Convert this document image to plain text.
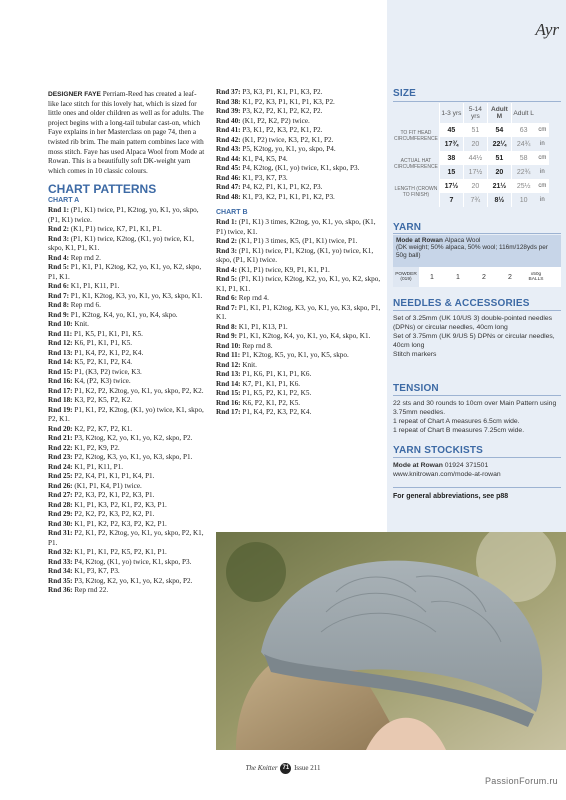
Ayr
SIZE
	1-3 yrs	5-14 yrs	Adult M	Adult L	
TO FIT HEAD CIRCUMFERENCE	45	51	54	63	cm
	17¾	20	22¼	24¾	in
ACTUAL HAT CIRCUMFERENCE	38	44½	51	58	cm
	15	17½	20	22¾	in
LENGTH (CROWN TO FINISH)	17½	20	21½	25½	cm
	7	7¾	8½	10	in
YARN
Mode at Rowan Alpaca Wool
(DK weight; 50% alpaca, 50% wool; 116m/128yds per 50g ball)
POWDER (019)	1	1	2	2	x50g BALLS
NEEDLES & ACCESSORIES

Set of 3.25mm (UK 10/US 3) double-pointed needles (DPNs) or circular needles, 40cm long

Set of 3.75mm (UK 9/US 5) DPNs or circular needles, 40cm long

Stitch markers

TENSION

22 sts and 30 rounds to 10cm over Main Pattern using 3.75mm needles.

1 repeat of Chart A measures 6.5cm wide.

1 repeat of Chart B measures 7.25cm wide.

YARN STOCKISTS

Mode at Rowan 01924 371501

www.knitrowan.com/mode-at-rowan

For general abbreviations, see p88

DESIGNER FAYE Perriam-Reed has created a leaf-like lace stitch for this lovely hat, which is sized for little ones and older children as well as for adults. The project begins with a long-tail tubular cast-on, which Faye explains in her Masterclass on page 74, then a twisted rib brim. The main pattern combines lace with moss stitch. Faye has used Alpaca Wool from Mode at Rowan. This is a beautifully soft DK-weight yarn which comes in 10 classic colours.

CHART PATTERNS
CHART A
Rnd 1: (P1, K1) twice, P1, K2tog, yo, K1, yo, skpo, (P1, K1) twice.
Rnd 2: (K1, P1) twice, K7, P1, K1, P1.
Rnd 3: (P1, K1) twice, K2tog, (K1, yo) twice, K1, skpo, K1, P1, K1.
Rnd 4: Rep rnd 2.
Rnd 5: P1, K1, P1, K2tog, K2, yo, K1, yo, K2, skpo, P1, K1.
Rnd 6: K1, P1, K11, P1.
Rnd 7: P1, K1, K2tog, K3, yo, K1, yo, K3, skpo, K1.
Rnd 8: Rep rnd 6.
Rnd 9: P1, K2tog, K4, yo, K1, yo, K4, skpo.
Rnd 10: Knit.
Rnd 11: P1, K5, P1, K1, P1, K5.
Rnd 12: K6, P1, K1, P1, K5.
Rnd 13: P1, K4, P2, K1, P2, K4.
Rnd 14: K5, P2, K1, P2, K4.
Rnd 15: P1, (K3, P2) twice, K3.
Rnd 16: K4, (P2, K3) twice.
Rnd 17: P1, K2, P2, K2tog, yo, K1, yo, skpo, P2, K2.
Rnd 18: K3, P2, K5, P2, K2.
Rnd 19: P1, K1, P2, K2tog, (K1, yo) twice, K1, skpo, P2, K1.
Rnd 20: K2, P2, K7, P2, K1.
Rnd 21: P3, K2tog, K2, yo, K1, yo, K2, skpo, P2.
Rnd 22: K1, P2, K9, P2.
Rnd 23: P2, K2tog, K3, yo, K1, yo, K3, skpo, P1.
Rnd 24: K1, P1, K11, P1.
Rnd 25: P2, K4, P1, K1, P1, K4, P1.
Rnd 26: (K1, P1, K4, P1) twice.
Rnd 27: P2, K3, P2, K1, P2, K3, P1.
Rnd 28: K1, P1, K3, P2, K1, P2, K3, P1.
Rnd 29: P2, K2, P2, K3, P2, K2, P1.
Rnd 30: K1, P1, K2, P2, K3, P2, K2, P1.
Rnd 31: P2, K1, P2, K2tog, yo, K1, yo, skpo, P2, K1, P1.
Rnd 32: K1, P1, K1, P2, K5, P2, K1, P1.
Rnd 33: P4, K2tog, (K1, yo) twice, K1, skpo, P3.
Rnd 34: K1, P3, K7, P3.
Rnd 35: P3, K2tog, K2, yo, K1, yo, K2, skpo, P2.
Rnd 36: Rep rnd 22.
Rnd 37: P3, K3, P1, K1, P1, K3, P2.
Rnd 38: K1, P2, K3, P1, K1, P1, K3, P2.
Rnd 39: P3, K2, P2, K1, P2, K2, P2.
Rnd 40: (K1, P2, K2, P2) twice.
Rnd 41: P3, K1, P2, K3, P2, K1, P2.
Rnd 42: (K1, P2) twice, K3, P2, K1, P2.
Rnd 43: P5, K2tog, yo, K1, yo, skpo, P4.
Rnd 44: K1, P4, K5, P4.
Rnd 45: P4, K2tog, (K1, yo) twice, K1, skpo, P3.
Rnd 46: K1, P3, K7, P3.
Rnd 47: P4, K2, P1, K1, P1, K2, P3.
Rnd 48: K1, P3, K2, P1, K1, P1, K2, P3.
CHART B
Rnd 1: (P1, K1) 3 times, K2tog, yo, K1, yo, skpo, (K1, P1) twice, K1.
Rnd 2: (K1, P1) 3 times, K5, (P1, K1) twice, P1.
Rnd 3: (P1, K1) twice, P1, K2tog, (K1, yo) twice, K1, skpo, (P1, K1) twice.
Rnd 4: (K1, P1) twice, K9, P1, K1, P1.
Rnd 5: (P1, K1) twice, K2tog, K2, yo, K1, yo, K2, skpo, K1, P1, K1.
Rnd 6: Rep rnd 4.
Rnd 7: P1, K1, P1, K2tog, K3, yo, K1, yo, K3, skpo, P1, K1.
Rnd 8: K1, P1, K13, P1.
Rnd 9: P1, K1, K2tog, K4, yo, K1, yo, K4, skpo, K1.
Rnd 10: Rep rnd 8.
Rnd 11: P1, K2tog, K5, yo, K1, yo, K5, skpo.
Rnd 12: Knit.
Rnd 13: P1, K6, P1, K1, P1, K6.
Rnd 14: K7, P1, K1, P1, K6.
Rnd 15: P1, K5, P2, K1, P2, K5.
Rnd 16: K6, P2, K1, P2, K5.
Rnd 17: P1, K4, P2, K3, P2, K4.
The Knitter 71 Issue 211
PassionForum.ru
